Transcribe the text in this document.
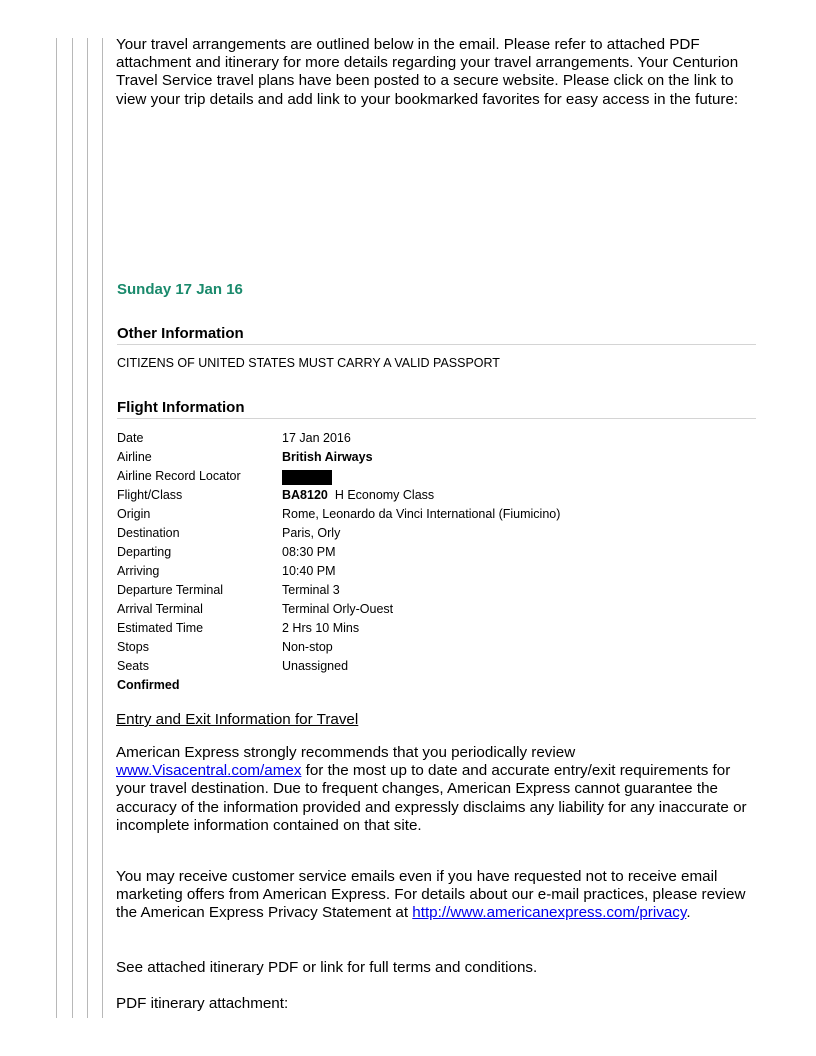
Your travel arrangements are outlined below in the email. Please refer to attached PDF attachment and itinerary for more details regarding your travel arrangements. Your Centurion Travel Service travel plans have been posted to a secure website. Please click on the link to view your trip details and add link to your bookmarked favorites for easy access in the future:

Sunday 17 Jan 16
Other Information
CITIZENS OF UNITED STATES MUST CARRY A VALID PASSPORT
Flight Information
Date	17 Jan 2016
Airline	British Airways
Airline Record Locator
Flight/Class	BA8120 H Economy Class
Origin	Rome, Leonardo da Vinci International (Fiumicino)
Destination	Paris, Orly
Departing	08:30 PM
Arriving	10:40 PM
Departure Terminal	Terminal 3
Arrival Terminal	Terminal Orly-Ouest
Estimated Time	2 Hrs 10 Mins
Stops	Non-stop
Seats	Unassigned
Confirmed
Entry and Exit Information for Travel

American Express strongly recommends that you periodically review www.Visacentral.com/amex for the most up to date and accurate entry/exit requirements for your travel destination. Due to frequent changes, American Express cannot guarantee the accuracy of the information provided and expressly disclaims any liability for any inaccurate or incomplete information contained on that site.

You may receive customer service emails even if you have requested not to receive email marketing offers from American Express. For details about our e-mail practices, please review the American Express Privacy Statement at http://www.americanexpress.com/privacy.

See attached itinerary PDF or link for full terms and conditions.

PDF itinerary attachment:
